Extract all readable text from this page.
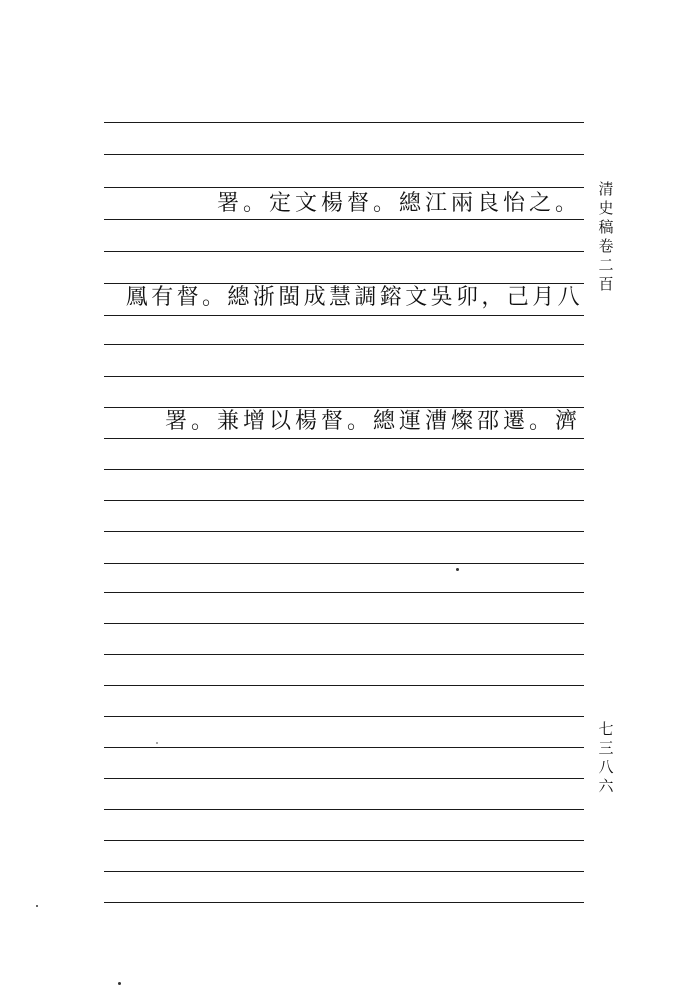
署。定文楊督。總江兩良怡之。
鳳有督。總浙閩成慧調鎔文吳卯，己月八
署。兼增以楊督。總運漕燦邵遷。濟
清
史
稿
卷
二
百
七
三
八
六
